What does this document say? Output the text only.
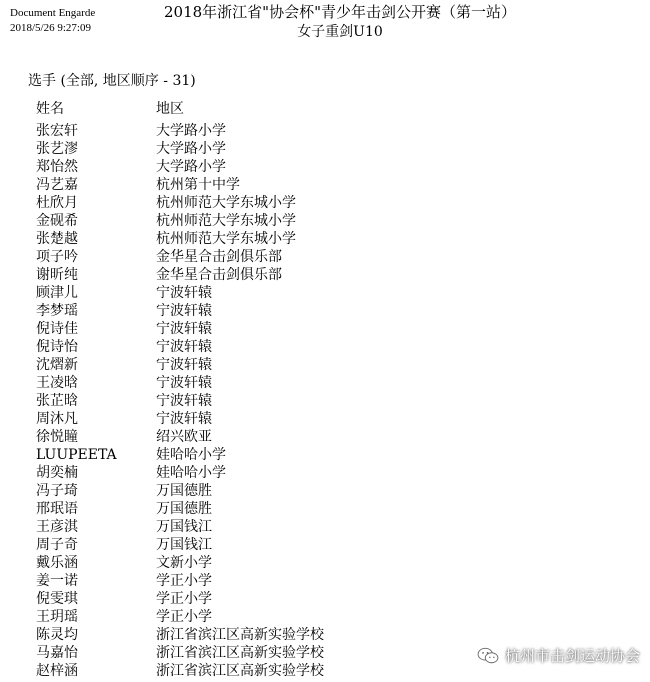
Document Engarde
2018/5/26 9:27:09
2018年浙江省"协会杯"青少年击剑公开赛（第一站）
女子重剑U10
选手 (全部, 地区顺序 - 31)
姓名	地区
张宏轩	大学路小学
张艺漻	大学路小学
郑怡然	大学路小学
冯艺嘉	杭州第十中学
杜欣月	杭州师范大学东城小学
金砚希	杭州师范大学东城小学
张楚越	杭州师范大学东城小学
项子吟	金华星合击剑俱乐部
谢昕纯	金华星合击剑俱乐部
顾津儿	宁波轩辕
李梦瑶	宁波轩辕
倪诗佳	宁波轩辕
倪诗怡	宁波轩辕
沈熠新	宁波轩辕
王凌晗	宁波轩辕
张芷晗	宁波轩辕
周沐凡	宁波轩辕
徐悦瞳	绍兴欧亚
LUUPEETA	娃哈哈小学
胡奕楠	娃哈哈小学
冯子琦	万国德胜
邢珉语	万国德胜
王彦淇	万国钱江
周子奇	万国钱江
戴乐涵	文新小学
姜一诺	学正小学
倪雯琪	学正小学
王玥瑶	学正小学
陈灵均	浙江省滨江区高新实验学校
马嘉怡	浙江省滨江区高新实验学校
赵梓涵	浙江省滨江区高新实验学校
杭州市击剑运动协会
